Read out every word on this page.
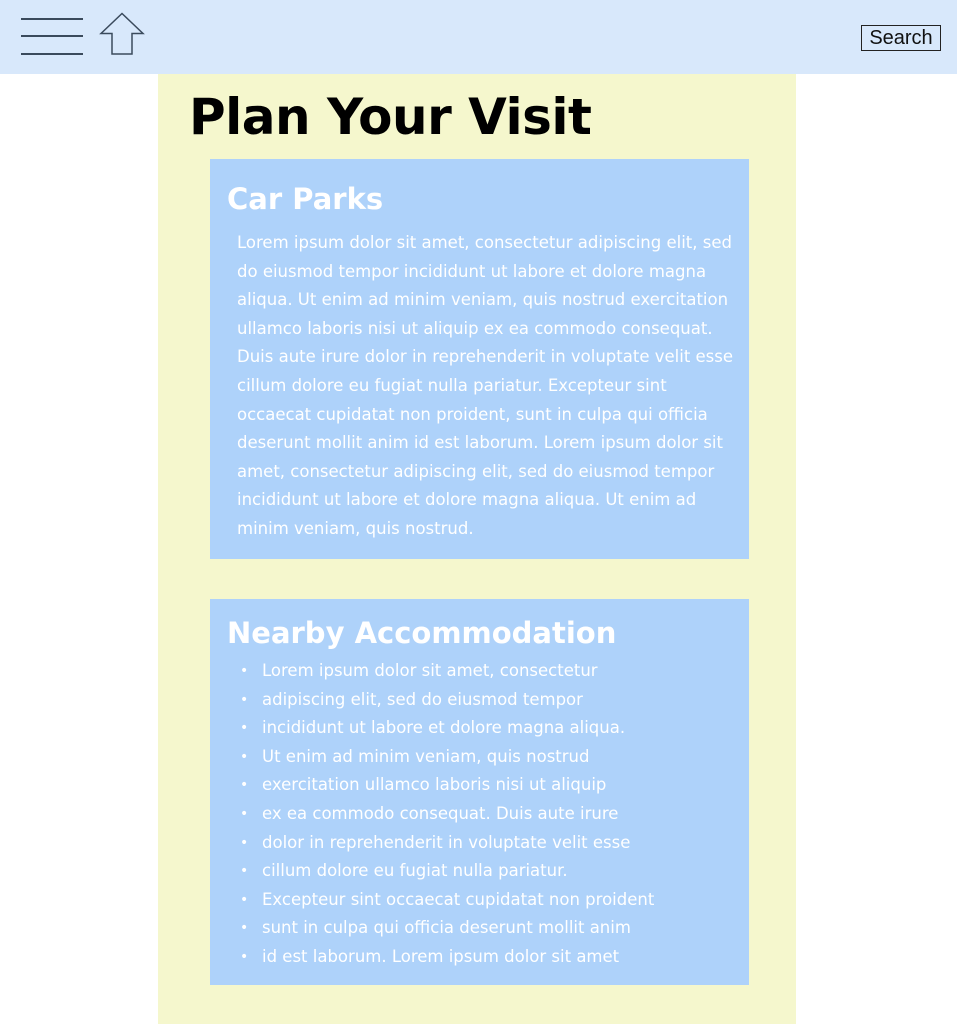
Search
Plan Your Visit
Car Parks

Lorem ipsum dolor sit amet, consectetur adipiscing elit, sed do eiusmod tempor incididunt ut labore et dolore magna aliqua. Ut enim ad minim veniam, quis nostrud exercitation ullamco laboris nisi ut aliquip ex ea commodo consequat. Duis aute irure dolor in reprehenderit in voluptate velit esse cillum dolore eu fugiat nulla pariatur. Excepteur sint occaecat cupidatat non proident, sunt in culpa qui officia deserunt mollit anim id est laborum. Lorem ipsum dolor sit amet, consectetur adipiscing elit, sed do eiusmod tempor incididunt ut labore et dolore magna aliqua. Ut enim ad minim veniam, quis nostrud.

Nearby Accommodation
• Lorem ipsum dolor sit amet, consectetur
• adipiscing elit, sed do eiusmod tempor
• incididunt ut labore et dolore magna aliqua.
• Ut enim ad minim veniam, quis nostrud
• exercitation ullamco laboris nisi ut aliquip
• ex ea commodo consequat. Duis aute irure
• dolor in reprehenderit in voluptate velit esse
• cillum dolore eu fugiat nulla pariatur.
• Excepteur sint occaecat cupidatat non proident
• sunt in culpa qui officia deserunt mollit anim
• id est laborum. Lorem ipsum dolor sit amet
